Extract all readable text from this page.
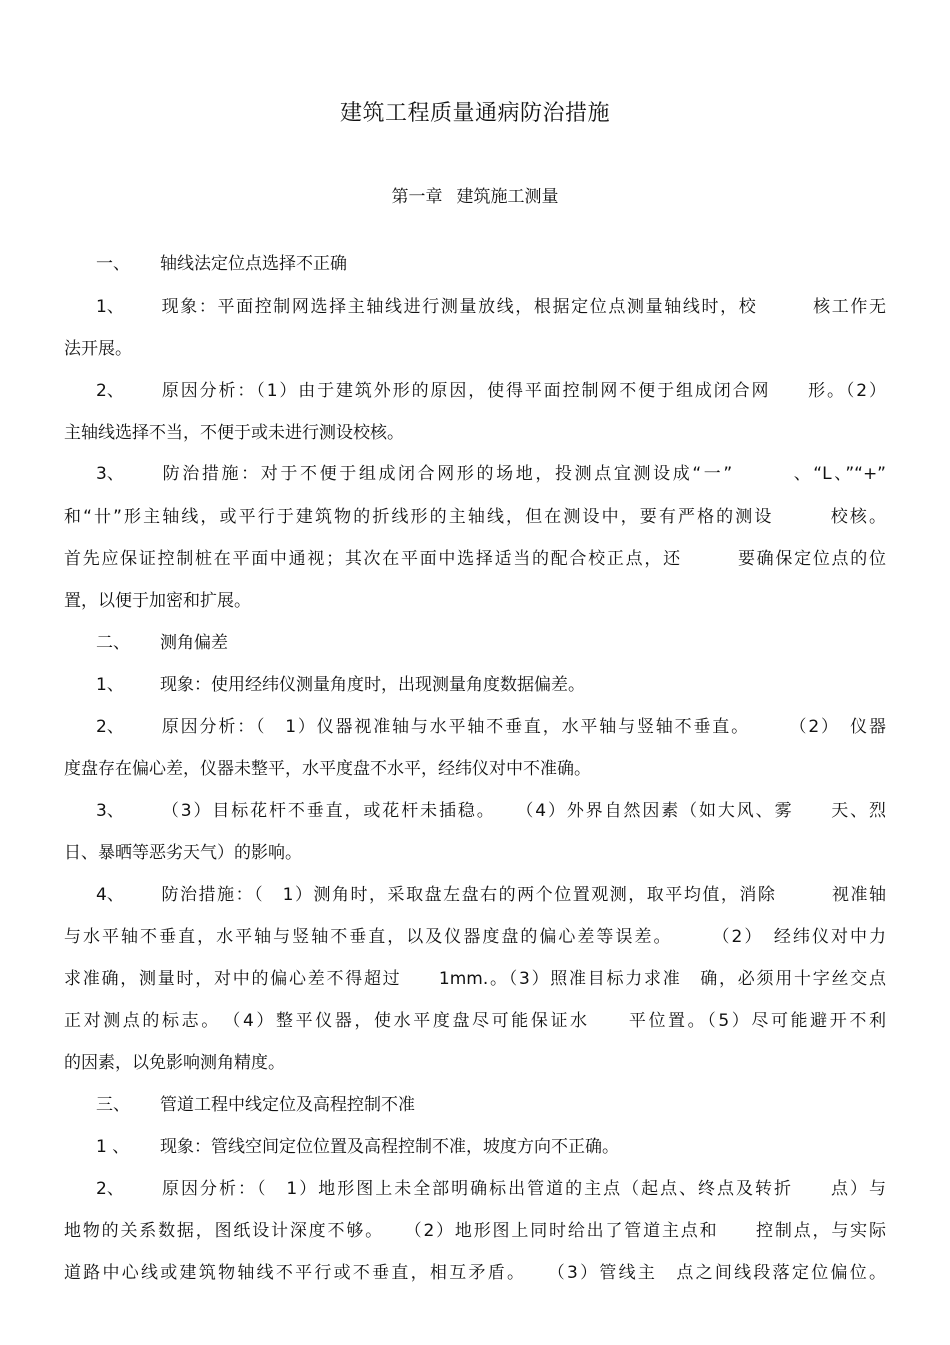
建筑工程质量通病防治措施
第一章 建筑施工测量
一、 轴线法定位点选择不正确
1、 现象：平面控制网选择主轴线进行测量放线，根据定位点测量轴线时，校　　　核工作无
法开展。
2、 原因分析：（1）由于建筑外形的原因，使得平面控制网不便于组成闭合网　　形。（2）
主轴线选择不当，不便于或未进行测设校核。
3、 防治措施：对于不便于组成闭合网形的场地，投测点宜测设成“一”　　　、“L、”“+”
和“卄”形主轴线，或平行于建筑物的折线形的主轴线，但在测设中，要有严格的测设　　　校核。
首先应保证控制桩在平面中通视；其次在平面中选择适当的配合校正点，还　　　要确保定位点的位
置，以便于加密和扩展。
二、 测角偏差
1、 现象：使用经纬仪测量角度时，出现测量角度数据偏差。
2、 原因分析：（　1）仪器视准轴与水平轴不垂直，水平轴与竖轴不垂直。　　　（2）　仪器
度盘存在偏心差，仪器未整平，水平度盘不水平，经纬仪对中不准确。
3、 （3）目标花杆不垂直，或花杆未插稳。　　（4）外界自然因素（如大风、雾　　天、烈
日、暴晒等恶劣天气）的影响。
4、 防治措施：（　1）测角时，采取盘左盘右的两个位置观测，取平均值，消除　　　视准轴
与水平轴不垂直，水平轴与竖轴不垂直，以及仪器度盘的偏心差等误差。　　　（2）　经纬仪对中力
求准确，测量时，对中的偏心差不得超过　　1mm.。（3）照准目标力求准　确，必须用十字丝交点
正对测点的标志。　（4）整平仪器，使水平度盘尽可能保证水　　平位置。（5）尽可能避开不利
的因素，以免影响测角精度。
三、 管道工程中线定位及高程控制不准
1 、 现象：管线空间定位位置及高程控制不准，坡度方向不正确。
2、 原因分析：（　1）地形图上未全部明确标出管道的主点（起点、终点及转折　　点）与
地物的关系数据，图纸设计深度不够。　　（2）地形图上同时给出了管道主点和　　控制点，与实际
道路中心线或建筑物轴线不平行或不垂直，相互矛盾。　　（3）管线主　点之间线段落定位偏位。
